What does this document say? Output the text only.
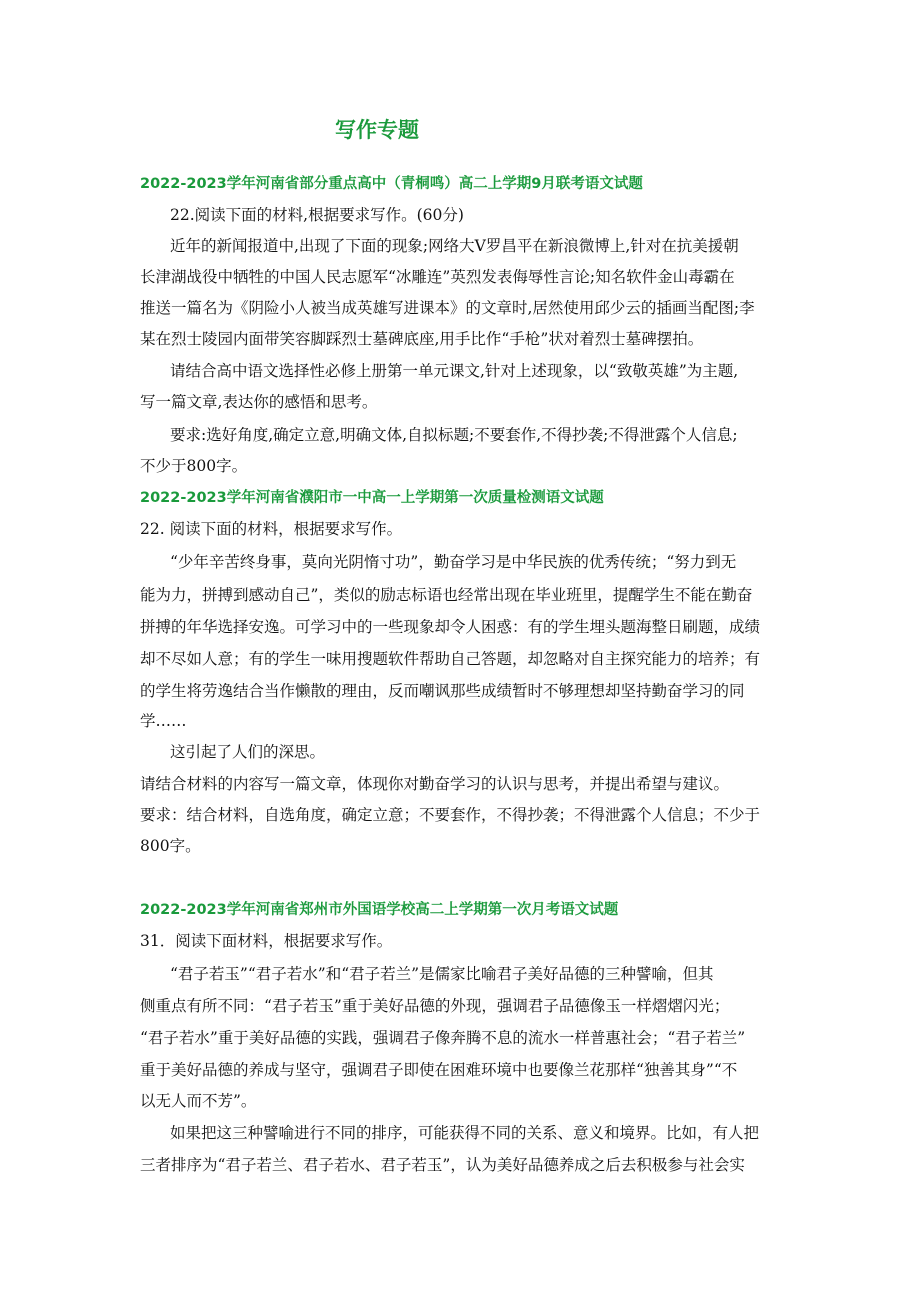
写作专题
2022-2023学年河南省部分重点高中（青桐鸣）高二上学期9月联考语文试题
22.阅读下面的材料,根据要求写作。(60分)
近年的新闻报道中,出现了下面的现象;网络大V罗昌平在新浪微博上,针对在抗美援朝
长津湖战役中牺牲的中国人民志愿军“冰雕连”英烈发表侮辱性言论;知名软件金山毒霸在
推送一篇名为《阴险小人被当成英雄写进课本》的文章时,居然使用邱少云的插画当配图;李
某在烈士陵园内面带笑容脚踩烈士墓碑底座,用手比作“手枪”状对着烈士墓碑摆拍。
请结合高中语文选择性必修上册第一单元课文,针对上述现象，以“致敬英雄”为主题,
写一篇文章,表达你的感悟和思考。
要求:选好角度,确定立意,明确文体,自拟标题;不要套作,不得抄袭;不得泄露个人信息;
不少于800字。
2022-2023学年河南省濮阳市一中高一上学期第一次质量检测语文试题
22. 阅读下面的材料，根据要求写作。
“少年辛苦终身事，莫向光阴惰寸功”，勤奋学习是中华民族的优秀传统；“努力到无
能为力，拼搏到感动自己”，类似的励志标语也经常出现在毕业班里，提醒学生不能在勤奋
拼搏的年华选择安逸。可学习中的一些现象却令人困惑：有的学生埋头题海整日刷题，成绩
却不尽如人意；有的学生一味用搜题软件帮助自己答题，却忽略对自主探究能力的培养；有
的学生将劳逸结合当作懒散的理由，反而嘲讽那些成绩暂时不够理想却坚持勤奋学习的同
学……
这引起了人们的深思。
请结合材料的内容写一篇文章，体现你对勤奋学习的认识与思考，并提出希望与建议。
要求：结合材料，自选角度，确定立意；不要套作，不得抄袭；不得泄露个人信息；不少于
800字。
2022-2023学年河南省郑州市外国语学校高二上学期第一次月考语文试题
31．阅读下面材料，根据要求写作。
“君子若玉”“君子若水”和“君子若兰”是儒家比喻君子美好品德的三种譬喻，但其
侧重点有所不同：“君子若玉”重于美好品德的外现，强调君子品德像玉一样熠熠闪光；
“君子若水”重于美好品德的实践，强调君子像奔腾不息的流水一样普惠社会；“君子若兰”
重于美好品德的养成与坚守，强调君子即使在困难环境中也要像兰花那样“独善其身”“不
以无人而不芳”。
如果把这三种譬喻进行不同的排序，可能获得不同的关系、意义和境界。比如，有人把
三者排序为“君子若兰、君子若水、君子若玉”，认为美好品德养成之后去积极参与社会实
